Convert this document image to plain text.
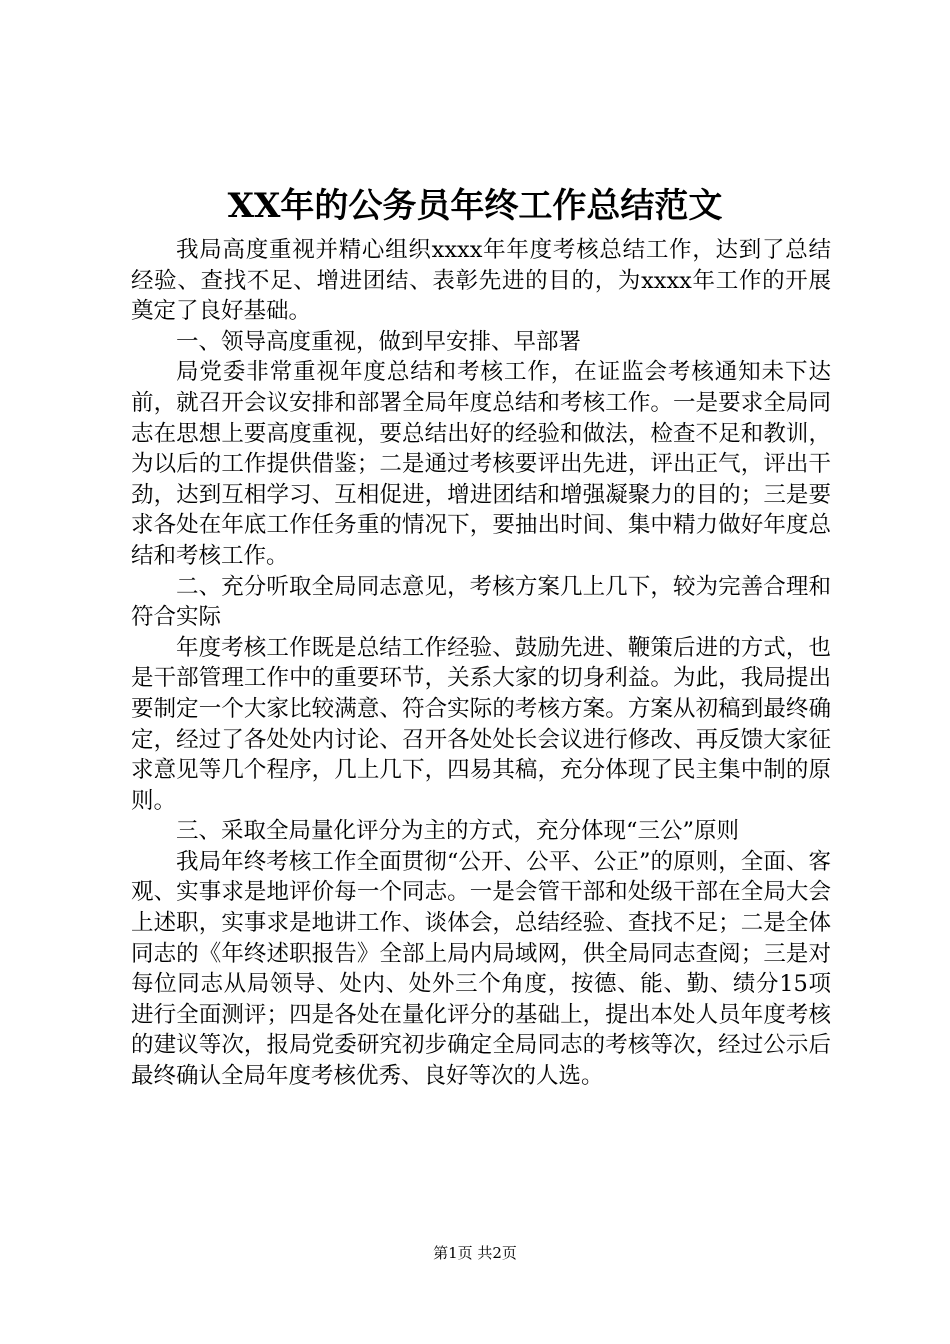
XX年的公务员年终工作总结范文

我局高度重视并精心组织xxxx年年度考核总结工作，达到了总结经验、查找不足、增进团结、表彰先进的目的，为xxxx年工作的开展奠定了良好基础。

一、领导高度重视，做到早安排、早部署

局党委非常重视年度总结和考核工作，在证监会考核通知未下达前，就召开会议安排和部署全局年度总结和考核工作。一是要求全局同志在思想上要高度重视，要总结出好的经验和做法，检查不足和教训，为以后的工作提供借鉴；二是通过考核要评出先进，评出正气，评出干劲，达到互相学习、互相促进，增进团结和增强凝聚力的目的；三是要求各处在年底工作任务重的情况下，要抽出时间、集中精力做好年度总结和考核工作。

二、充分听取全局同志意见，考核方案几上几下，较为完善合理和符合实际

年度考核工作既是总结工作经验、鼓励先进、鞭策后进的方式，也是干部管理工作中的重要环节，关系大家的切身利益。为此，我局提出要制定一个大家比较满意、符合实际的考核方案。方案从初稿到最终确定，经过了各处处内讨论、召开各处处长会议进行修改、再反馈大家征求意见等几个程序，几上几下，四易其稿，充分体现了民主集中制的原则。

三、采取全局量化评分为主的方式，充分体现“三公”原则

我局年终考核工作全面贯彻“公开、公平、公正”的原则，全面、客观、实事求是地评价每一个同志。一是会管干部和处级干部在全局大会上述职，实事求是地讲工作、谈体会，总结经验、查找不足；二是全体同志的《年终述职报告》全部上局内局域网，供全局同志查阅；三是对每位同志从局领导、处内、处外三个角度，按德、能、勤、绩分15项进行全面测评；四是各处在量化评分的基础上，提出本处人员年度考核的建议等次，报局党委研究初步确定全局同志的考核等次，经过公示后最终确认全局年度考核优秀、良好等次的人选。

第1页 共2页
